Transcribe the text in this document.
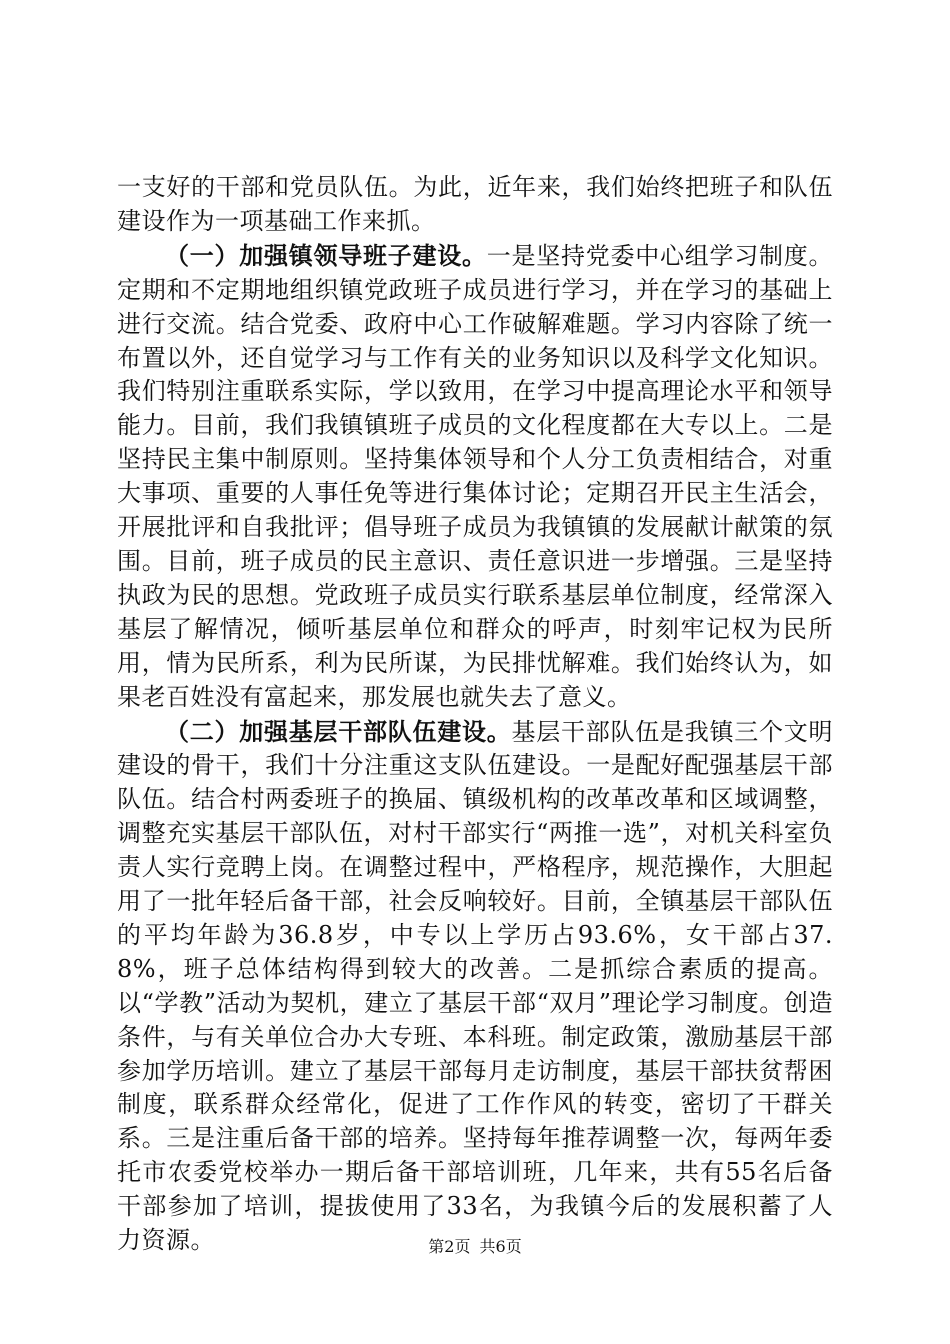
一支好的干部和党员队伍。为此，近年来，我们始终把班子和队伍建设作为一项基础工作来抓。

（一）加强镇领导班子建设。一是坚持党委中心组学习制度。定期和不定期地组织镇党政班子成员进行学习，并在学习的基础上进行交流。结合党委、政府中心工作破解难题。学习内容除了统一布置以外，还自觉学习与工作有关的业务知识以及科学文化知识。我们特别注重联系实际，学以致用，在学习中提高理论水平和领导能力。目前，我们我镇镇班子成员的文化程度都在大专以上。二是坚持民主集中制原则。坚持集体领导和个人分工负责相结合，对重大事项、重要的人事任免等进行集体讨论；定期召开民主生活会，开展批评和自我批评；倡导班子成员为我镇镇的发展献计献策的氛围。目前，班子成员的民主意识、责任意识进一步增强。三是坚持执政为民的思想。党政班子成员实行联系基层单位制度，经常深入基层了解情况，倾听基层单位和群众的呼声，时刻牢记权为民所用，情为民所系，利为民所谋，为民排忧解难。我们始终认为，如果老百姓没有富起来，那发展也就失去了意义。

（二）加强基层干部队伍建设。基层干部队伍是我镇三个文明建设的骨干，我们十分注重这支队伍建设。一是配好配强基层干部队伍。结合村两委班子的换届、镇级机构的改革改革和区域调整，调整充实基层干部队伍，对村干部实行“两推一选”，对机关科室负责人实行竞聘上岗。在调整过程中，严格程序，规范操作，大胆起用了一批年轻后备干部，社会反响较好。目前，全镇基层干部队伍的平均年龄为36.8岁，中专以上学历占93.6%，女干部占37.8%，班子总体结构得到较大的改善。二是抓综合素质的提高。以“学教”活动为契机，建立了基层干部“双月”理论学习制度。创造条件，与有关单位合办大专班、本科班。制定政策，激励基层干部参加学历培训。建立了基层干部每月走访制度，基层干部扶贫帮困制度，联系群众经常化，促进了工作作风的转变，密切了干群关系。三是注重后备干部的培养。坚持每年推荐调整一次，每两年委托市农委党校举办一期后备干部培训班，几年来，共有55名后备干部参加了培训，提拔使用了33名，为我镇今后的发展积蓄了人力资源。	第2页 共6页
